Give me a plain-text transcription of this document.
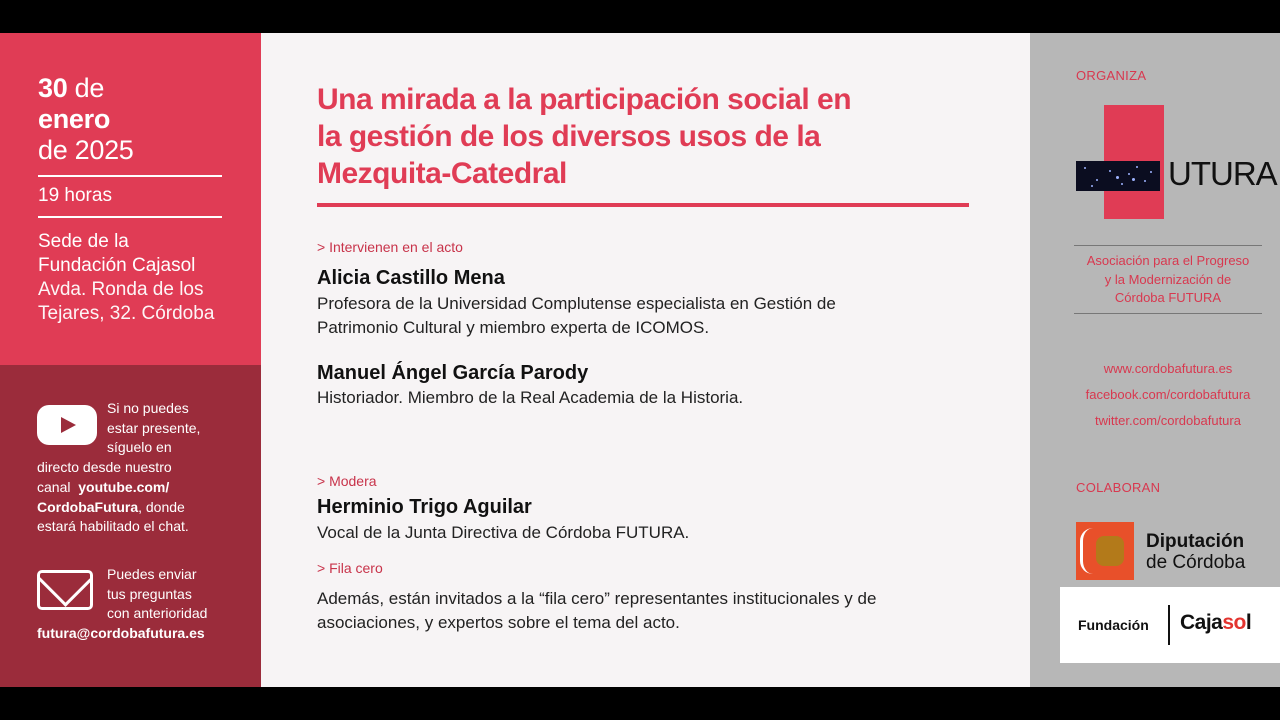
30 de
enero
de 2025
19 horas
Sede de la
Fundación Cajasol
Avda. Ronda de los
Tejares, 32. Córdoba
Si no puedes
estar presente,
síguelo en
directo desde nuestro
canal youtube.com/
CordobaFutura, donde
estará habilitado el chat.
Puedes enviar
tus preguntas
con anterioridad
futura@cordobafutura.es
Una mirada a la participación social en
la gestión de los diversos usos de la
Mezquita-Catedral
> Intervienen en el acto
Alicia Castillo Mena
Profesora de la Universidad Complutense especialista en Gestión de
Patrimonio Cultural y miembro experta de ICOMOS.
Manuel Ángel García Parody
Historiador. Miembro de la Real Academia de la Historia.
> Modera
Herminio Trigo Aguilar
Vocal de la Junta Directiva de Córdoba FUTURA.
> Fila cero
Además, están invitados a la “fila cero” representantes institucionales y de
asociaciones, y expertos sobre el tema del acto.
ORGANIZA
UTURA
Asociación para el Progreso
y la Modernización de
Córdoba FUTURA
www.cordobafutura.es
facebook.com/cordobafutura
twitter.com/cordobafutura
COLABORAN
Diputación
de Córdoba
Fundación Cajasol
